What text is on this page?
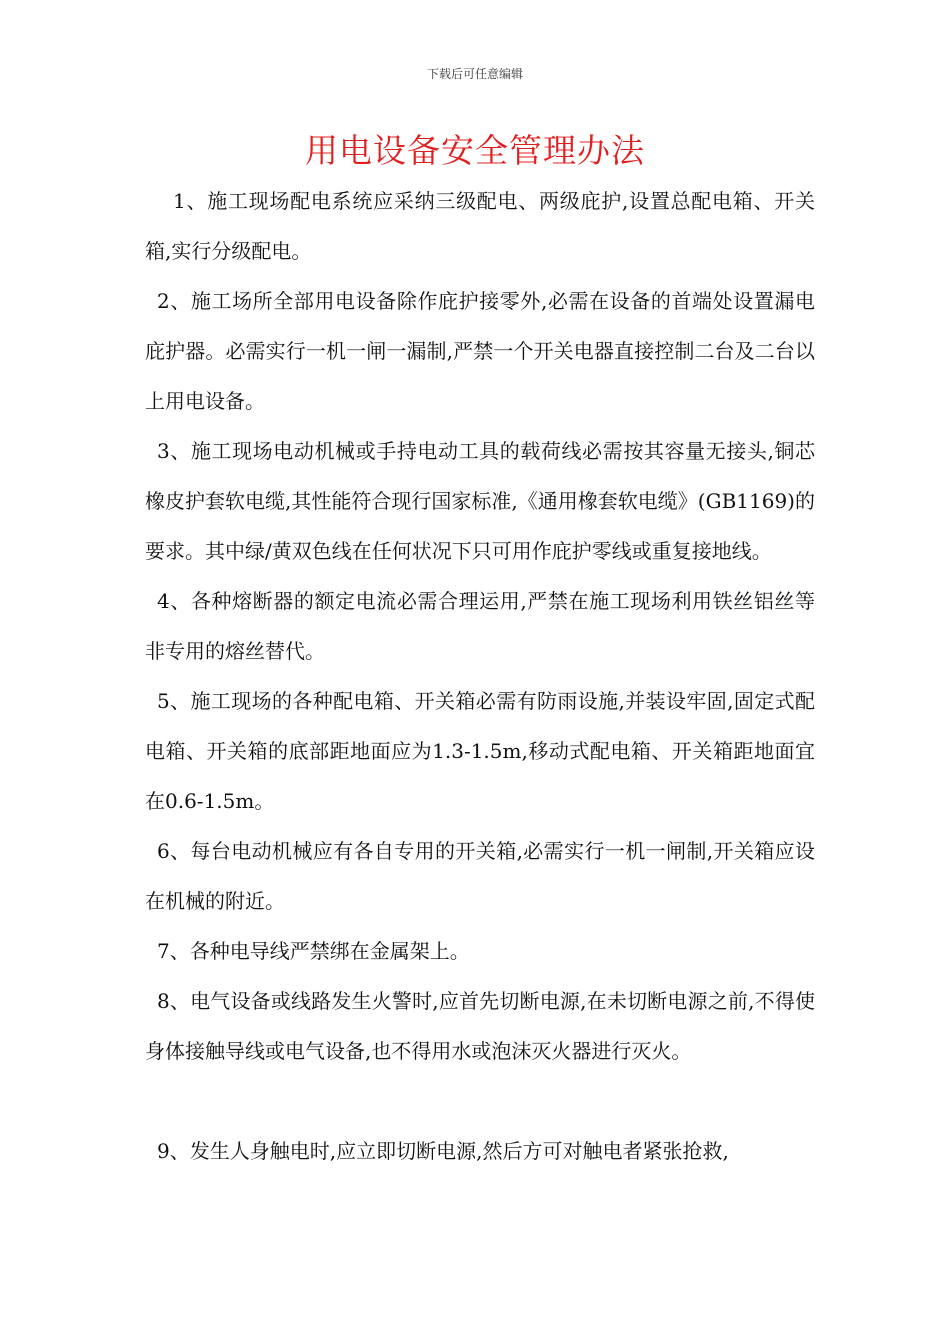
下载后可任意编辑
用电设备安全管理办法

1、施工现场配电系统应采纳三级配电、两级庇护,设置总配电箱、开关箱,实行分级配电。

2、施工场所全部用电设备除作庇护接零外,必需在设备的首端处设置漏电庇护器。必需实行一机一闸一漏制,严禁一个开关电器直接控制二台及二台以上用电设备。

3、施工现场电动机械或手持电动工具的载荷线必需按其容量无接头,铜芯橡皮护套软电缆,其性能符合现行国家标准,《通用橡套软电缆》(GB1169)的要求。其中绿/黄双色线在任何状况下只可用作庇护零线或重复接地线。

4、各种熔断器的额定电流必需合理运用,严禁在施工现场利用铁丝铝丝等非专用的熔丝替代。

5、施工现场的各种配电箱、开关箱必需有防雨设施,并装设牢固,固定式配电箱、开关箱的底部距地面应为1.3-1.5m,移动式配电箱、开关箱距地面宜在0.6-1.5m。

6、每台电动机械应有各自专用的开关箱,必需实行一机一闸制,开关箱应设在机械的附近。

7、各种电导线严禁绑在金属架上。

8、电气设备或线路发生火警时,应首先切断电源,在未切断电源之前,不得使身体接触导线或电气设备,也不得用水或泡沫灭火器进行灭火。

9、发生人身触电时,应立即切断电源,然后方可对触电者紧张抢救,
